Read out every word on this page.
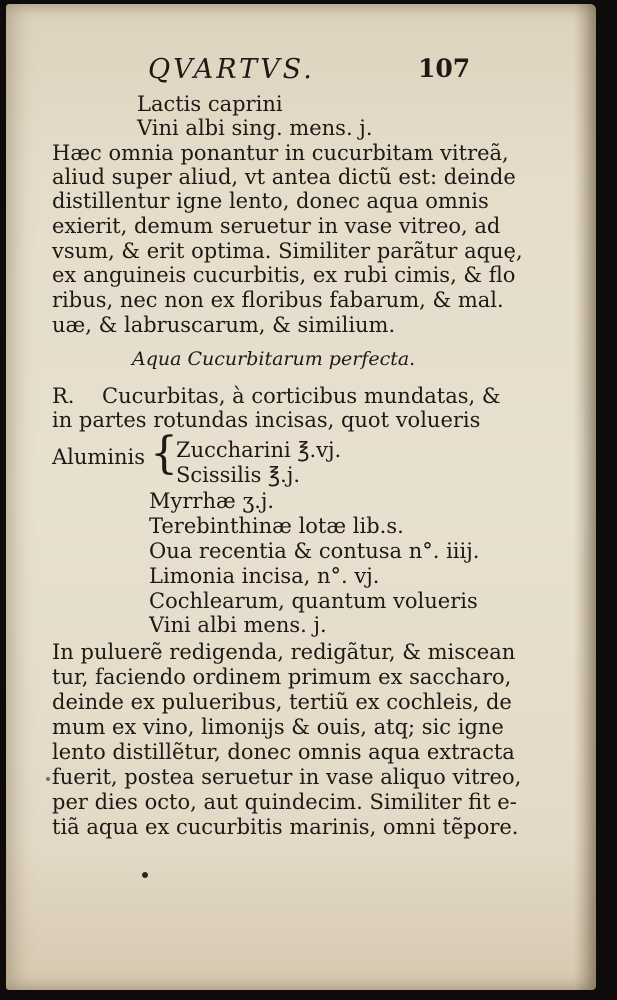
QVARTVS.	107
Lactis caprini
Vini albi sing. mens. j.
Hæc omnia ponantur in cucurbitam vitreã,
aliud super aliud, vt antea dictũ est: deinde
distillentur igne lento, donec aqua omnis
exierit, demum seruetur in vase vitreo, ad
vsum, & erit optima. Similiter parãtur aquę,
ex anguineis cucurbitis, ex rubi cimis, & flo
ribus, nec non ex floribus fabarum, & mal.
uæ, & labruscarum, & similium.
Aqua Cucurbitarum perfecta.
R. Cucurbitas, à corticibus mundatas, &
in partes rotundas incisas, quot volueris
Aluminis {
Zuccharini ℥.vj.
Scissilis ℥.j.
Myrrhæ ʒ.j.
Terebinthinæ lotæ lib.s.
Oua recentia & contusa n°. iiij.
Limonia incisa, n°. vj.
Cochlearum, quantum volueris
Vini albi mens. j.
In puluerẽ redigenda, redigãtur, & miscean
tur, faciendo ordinem primum ex saccharo,
deinde ex pulueribus, tertiũ ex cochleis, de
mum ex vino, limonijs & ouis, atq; sic igne
lento distillẽtur, donec omnis aqua extracta
fuerit, postea seruetur in vase aliquo vitreo,
per dies octo, aut quindecim. Similiter fit e-
tiã aqua ex cucurbitis marinis, omni tẽpore.
